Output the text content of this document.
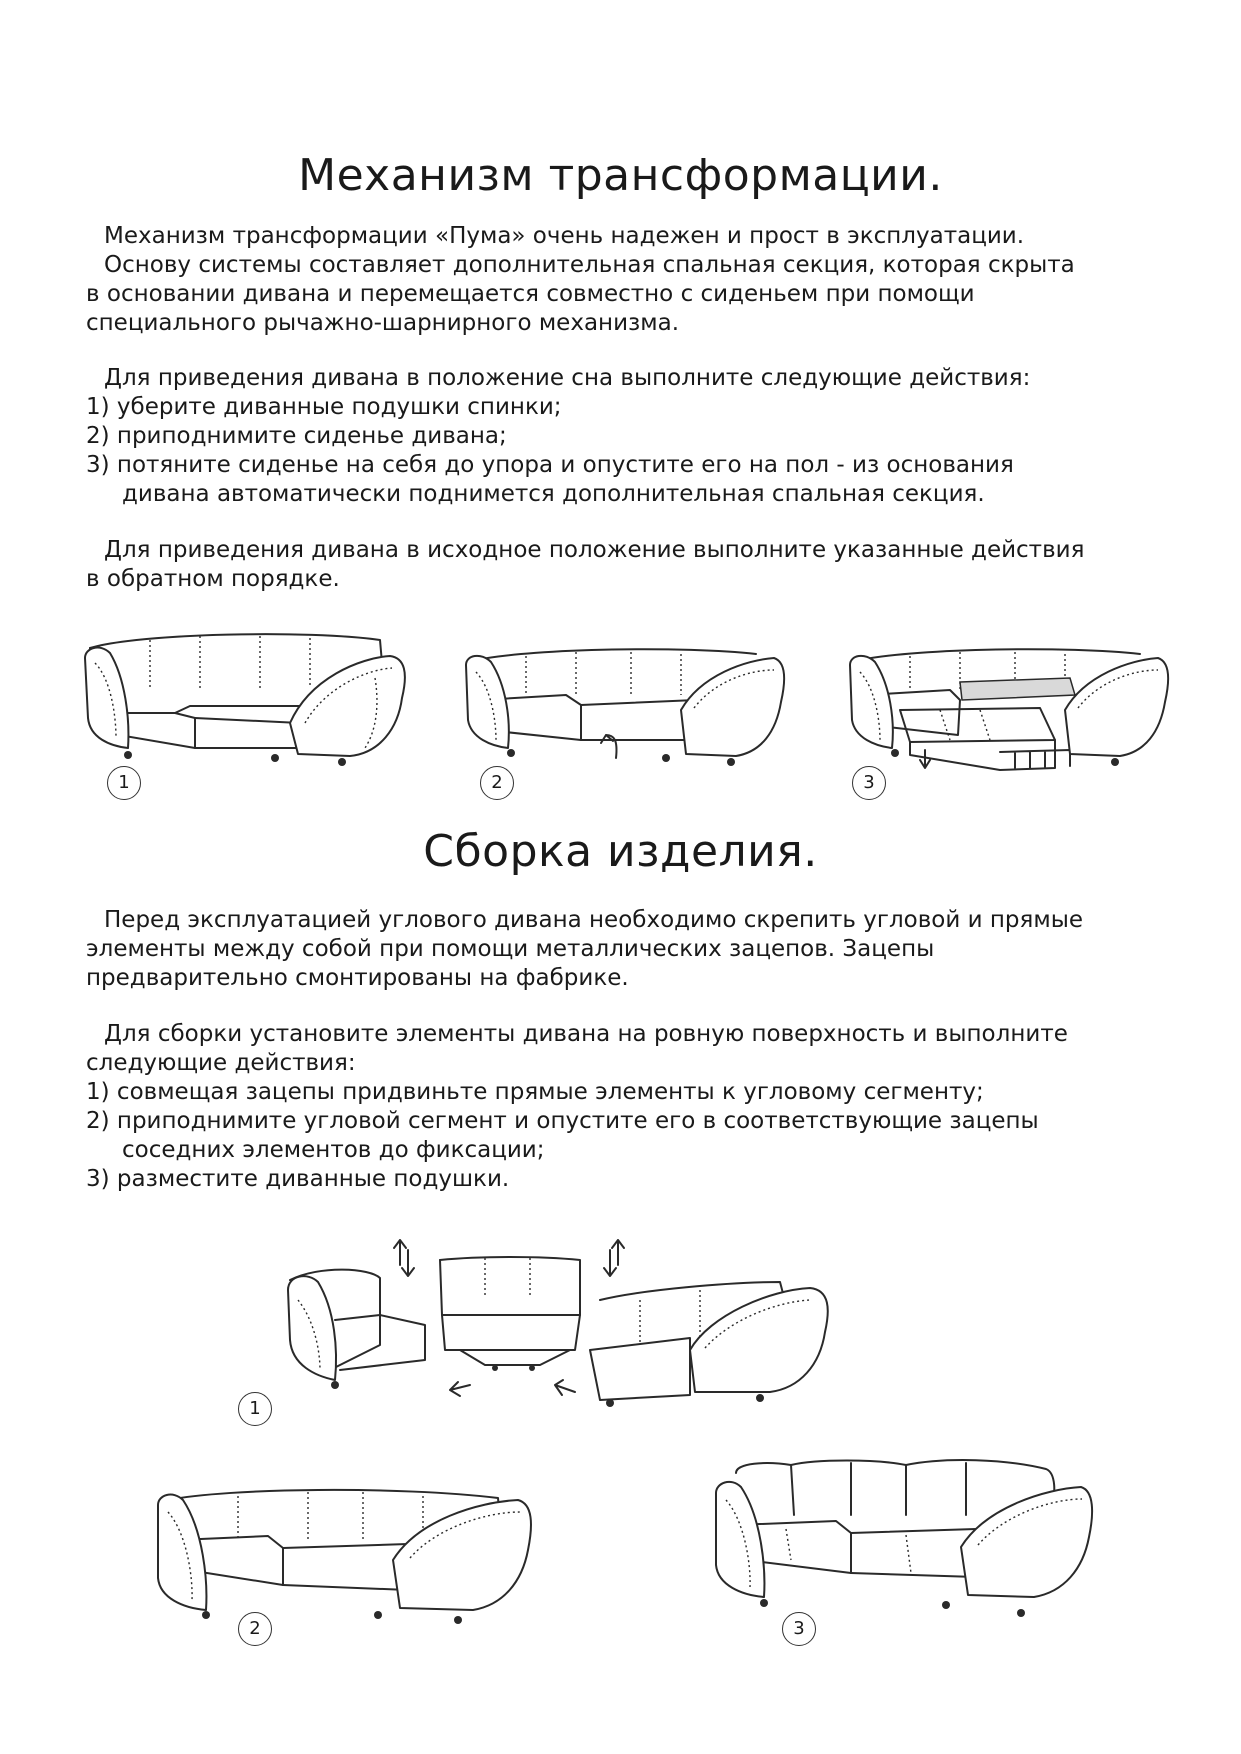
Механизм трансформации.

Механизм трансформации «Пума» очень надежен и прост в эксплуатации.

Основу системы составляет дополнительная спальная секция, которая скрыта

в основании дивана и перемещается совместно с сиденьем при помощи

специального рычажно-шарнирного механизма.

Для приведения дивана в положение сна выполните следующие действия:

1) уберите диванные подушки спинки;

2) приподнимите сиденье дивана;

3) потяните сиденье на себя до упора и опустите его на пол - из основания

дивана автоматически поднимется дополнительная спальная секция.

Для приведения дивана в исходное положение выполните указанные действия

в обратном порядке.

1	2	3
Сборка изделия.

Перед эксплуатацией углового дивана необходимо скрепить угловой и прямые

элементы между собой при помощи металлических зацепов. Зацепы

предварительно смонтированы на фабрике.

Для сборки установите элементы дивана на ровную поверхность и выполните

следующие действия:

1) совмещая зацепы придвиньте прямые элементы к угловому сегменту;

2) приподнимите угловой сегмент и опустите его в соответствующие зацепы

соседних элементов до фиксации;

3) разместите диванные подушки.

1
2	3
